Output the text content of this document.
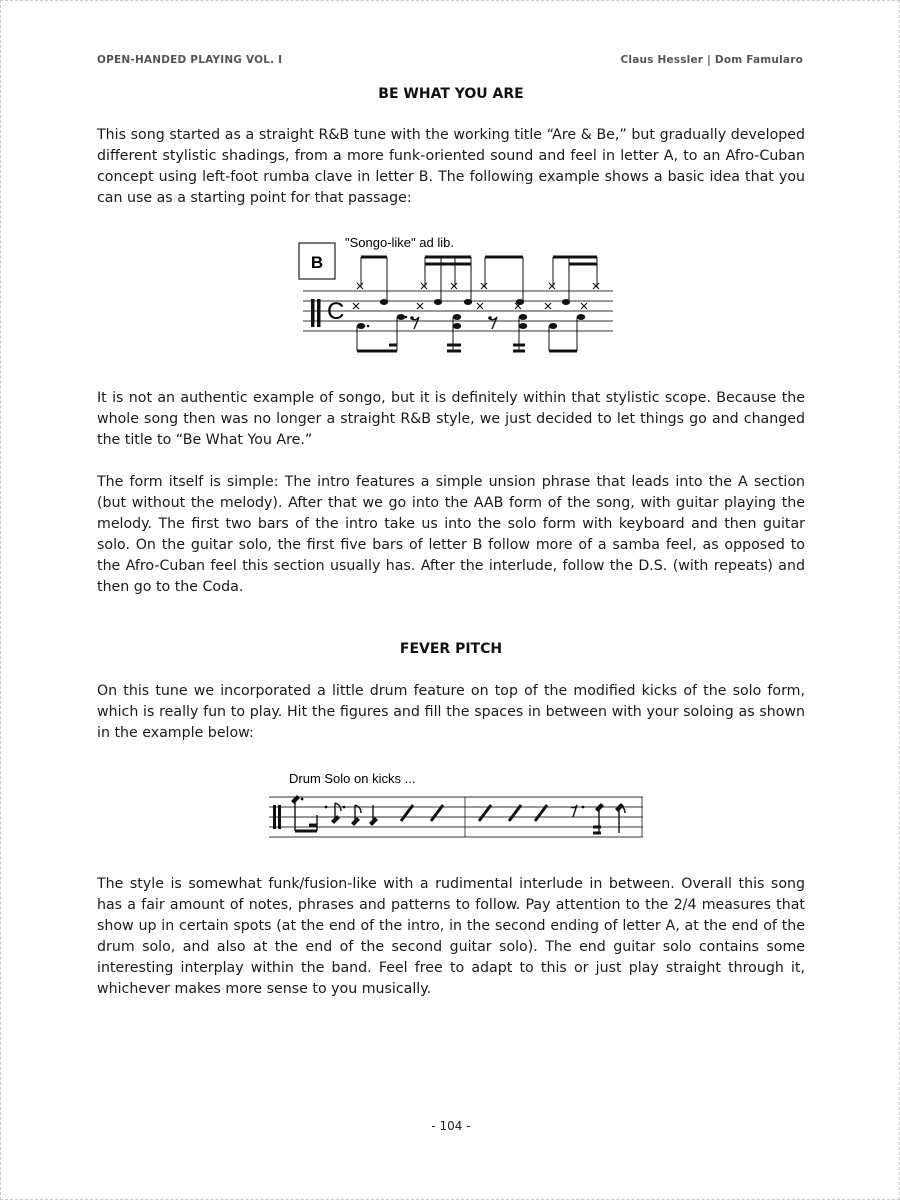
OPEN-HANDED PLAYING VOL. I	Claus Hessler | Dom Famularo
BE WHAT YOU ARE

This song started as a straight R&B tune with the working title “Are & Be,” but gradually developed different stylistic shadings, from a more funk-oriented sound and feel in letter A, to an Afro-Cuban concept using left-foot rumba clave in letter B. The following example shows a basic idea that you can use as a starting point for that passage:

B
"Songo-like" ad lib.
C

It is not an authentic example of songo, but it is definitely within that stylistic scope. Because the whole song then was no longer a straight R&B style, we just decided to let things go and changed the title to “Be What You Are.”

The form itself is simple: The intro features a simple unsion phrase that leads into the A section (but without the melody). After that we go into the AAB form of the song, with guitar playing the melody. The first two bars of the intro take us into the solo form with keyboard and then guitar solo. On the guitar solo, the first five bars of letter B follow more of a samba feel, as opposed to the Afro-Cuban feel this section usually has. After the interlude, follow the D.S. (with repeats) and then go to the Coda.

FEVER PITCH

On this tune we incorporated a little drum feature on top of the modified kicks of the solo form, which is really fun to play. Hit the figures and fill the spaces in between with your soloing as shown in the example below:

Drum Solo on kicks ...

The style is somewhat funk/fusion-like with a rudimental interlude in between. Overall this song has a fair amount of notes, phrases and patterns to follow. Pay attention to the 2/4 measures that show up in certain spots (at the end of the intro, in the second ending of letter A, at the end of the drum solo, and also at the end of the second guitar solo). The end guitar solo contains some interesting interplay within the band. Feel free to adapt to this or just play straight through it, whichever makes more sense to you musically.

- 104 -
